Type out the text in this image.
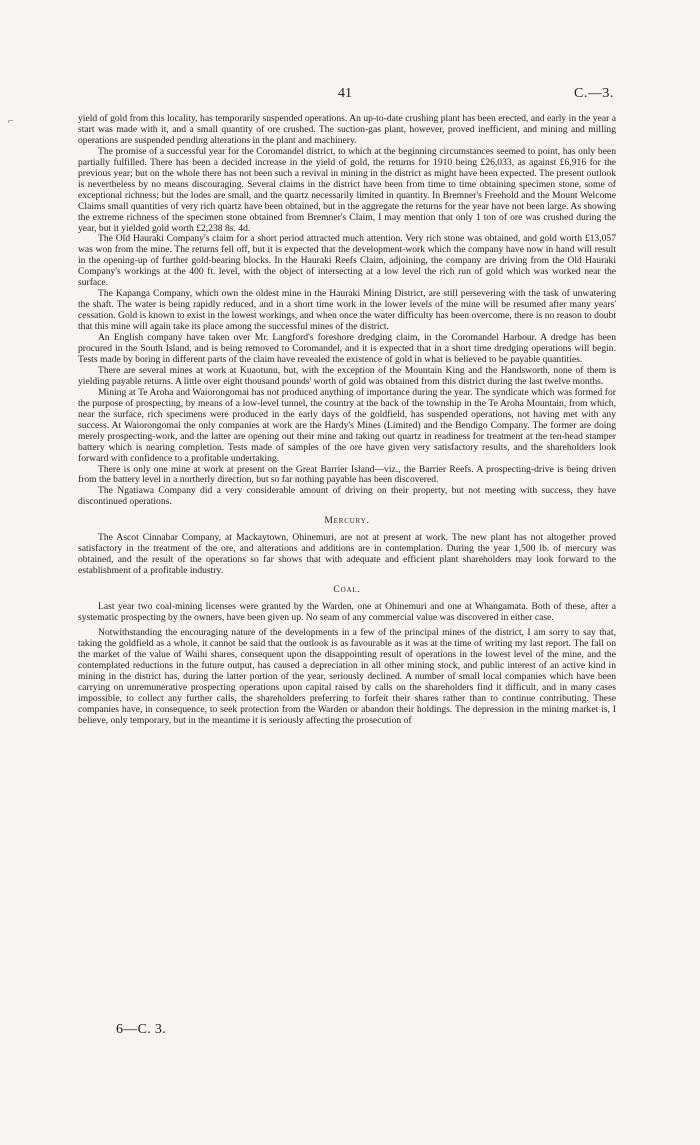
⌐
41	C.—3.

yield of gold from this locality, has temporarily suspended operations. An up-to-date crushing plant has been erected, and early in the year a start was made with it, and a small quantity of ore crushed. The suction-gas plant, however, proved inefficient, and mining and milling operations are suspended pending alterations in the plant and machinery.

The promise of a successful year for the Coromandel district, to which at the beginning circumstances seemed to point, has only been partially fulfilled. There has been a decided increase in the yield of gold, the returns for 1910 being £26,033, as against £6,916 for the previous year; but on the whole there has not been such a revival in mining in the district as might have been expected. The present outlook is nevertheless by no means discouraging. Several claims in the district have been from time to time obtaining specimen stone, some of exceptional richness; but the lodes are small, and the quartz necessarily limited in quantity. In Bremner's Freehold and the Mount Welcome Claims small quantities of very rich quartz have been obtained, but in the aggregate the returns for the year have not been large. As showing the extreme richness of the specimen stone obtained from Bremner's Claim, I may mention that only 1 ton of ore was crushed during the year, but it yielded gold worth £2,238 8s. 4d.

The Old Hauraki Company's claim for a short period attracted much attention. Very rich stone was obtained, and gold worth £13,057 was won from the mine. The returns fell off, but it is expected that the development-work which the company have now in hand will result in the opening-up of further gold-bearing blocks. In the Hauraki Reefs Claim, adjoining, the company are driving from the Old Hauraki Company's workings at the 400 ft. level, with the object of intersecting at a low level the rich run of gold which was worked near the surface.

The Kapanga Company, which own the oldest mine in the Hauraki Mining District, are still persevering with the task of unwatering the shaft. The water is being rapidly reduced, and in a short time work in the lower levels of the mine will be resumed after many years' cessation. Gold is known to exist in the lowest workings, and when once the water difficulty has been overcome, there is no reason to doubt that this mine will again take its place among the successful mines of the district.

An English company have taken over Mr. Langford's foreshore dredging claim, in the Coromandel Harbour. A dredge has been procured in the South Island, and is being removed to Coromandel, and it is expected that in a short time dredging operations will begin. Tests made by boring in different parts of the claim have revealed the existence of gold in what is believed to be payable quantities.

There are several mines at work at Kuaotunu, but, with the exception of the Mountain King and the Handsworth, none of them is yielding payable returns. A little over eight thousand pounds' worth of gold was obtained from this district during the last twelve months.

Mining at Te Aroha and Waiorongomai has not produced anything of importance during the year. The syndicate which was formed for the purpose of prospecting, by means of a low-level tunnel, the country at the back of the township in the Te Aroha Mountain, from which, near the surface, rich specimens were produced in the early days of the goldfield, has suspended operations, not having met with any success. At Waiorongomai the only companies at work are the Hardy's Mines (Limited) and the Bendigo Company. The former are doing merely prospecting-work, and the latter are opening out their mine and taking out quartz in readiness for treatment at the ten-head stamper battery which is nearing completion. Tests made of samples of the ore have given very satisfactory results, and the shareholders look forward with confidence to a profitable undertaking.

There is only one mine at work at present on the Great Barrier Island—viz., the Barrier Reefs. A prospecting-drive is being driven from the battery level in a northerly direction, but so far nothing payable has been discovered.

The Ngatiawa Company did a very considerable amount of driving on their property, but not meeting with success, they have discontinued operations.

Mercury.

The Ascot Cinnabar Company, at Mackaytown, Ohinemuri, are not at present at work. The new plant has not altogether proved satisfactory in the treatment of the ore, and alterations and additions are in contemplation. During the year 1,500 lb. of mercury was obtained, and the result of the operations so far shows that with adequate and efficient plant shareholders may look forward to the establishment of a profitable industry.

Coal.

Last year two coal-mining licenses were granted by the Warden, one at Ohinemuri and one at Whangamata. Both of these, after a systematic prospecting by the owners, have been given up. No seam of any commercial value was discovered in either case.

Notwithstanding the encouraging nature of the developments in a few of the principal mines of the district, I am sorry to say that, taking the goldfield as a whole, it cannot be said that the outlook is as favourable as it was at the time of writing my last report. The fall on the market of the value of Waihi shares, consequent upon the disappointing result of operations in the lowest level of the mine, and the contemplated reductions in the future output, has caused a depreciation in all other mining stock, and public interest of an active kind in mining in the district has, during the latter portion of the year, seriously declined. A number of small local companies which have been carrying on unremunerative prospecting operations upon capital raised by calls on the shareholders find it difficult, and in many cases impossible, to collect any further calls, the shareholders preferring to forfeit their shares rather than to continue contributing. These companies have, in consequence, to seek protection from the Warden or abandon their holdings. The depression in the mining market is, I believe, only temporary, but in the meantime it is seriously affecting the prosecution of

6—C. 3.
